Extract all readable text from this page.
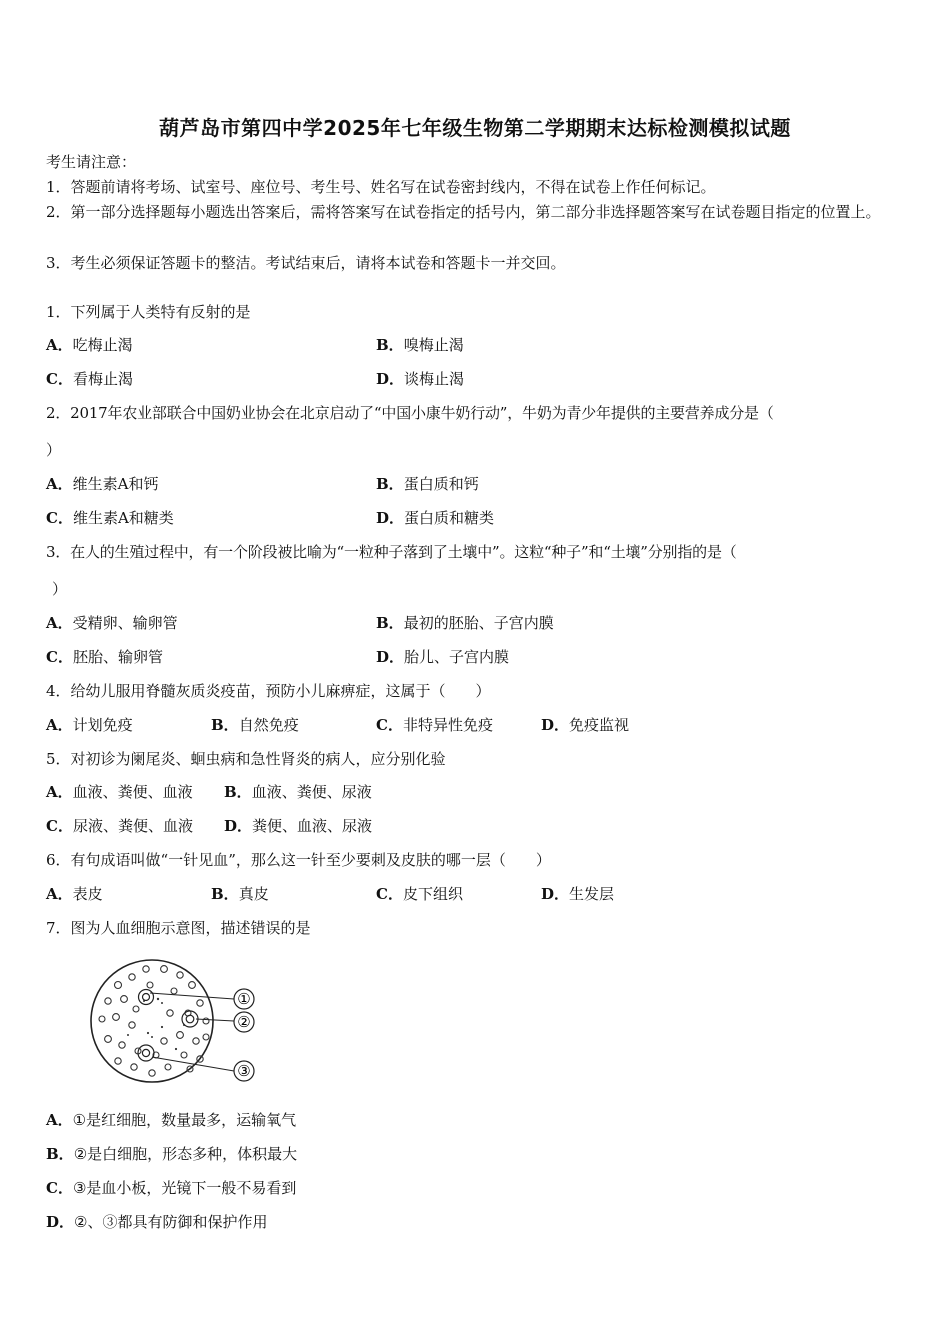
葫芦岛市第四中学2025年七年级生物第二学期期末达标检测模拟试题
考生请注意：
1．答题前请将考场、试室号、座位号、考生号、姓名写在试卷密封线内，不得在试卷上作任何标记。
2．第一部分选择题每小题选出答案后，需将答案写在试卷指定的括号内，第二部分非选择题答案写在试卷题目指定的位置上。
3．考生必须保证答题卡的整洁。考试结束后，请将本试卷和答题卡一并交回。
1．下列属于人类特有反射的是
A．吃梅止渴	B．嗅梅止渴
C．看梅止渴	D．谈梅止渴
2．2017年农业部联合中国奶业协会在北京启动了“中国小康牛奶行动”，牛奶为青少年提供的主要营养成分是（
）
A．维生素A和钙	B．蛋白质和钙
C．维生素A和糖类	D．蛋白质和糖类
3．在人的生殖过程中，有一个阶段被比喻为“一粒种子落到了土壤中”。这粒“种子”和“土壤”分别指的是（
）
A．受精卵、输卵管	B．最初的胚胎、子宫内膜
C．胚胎、输卵管	D．胎儿、子宫内膜
4．给幼儿服用脊髓灰质炎疫苗，预防小儿麻痹症，这属于（　　）
A．计划免疫	B．自然免疫	C．非特异性免疫	D．免疫监视
5．对初诊为阑尾炎、蛔虫病和急性肾炎的病人，应分别化验
A．血液、粪便、血液 B．血液、粪便、尿液
C．尿液、粪便、血液 D．粪便、血液、尿液
6．有句成语叫做“一针见血”，那么这一针至少要刺及皮肤的哪一层（　　）
A．表皮	B．真皮	C．皮下组织	D．生发层
7．图为人血细胞示意图，描述错误的是
①
②
③
A．①是红细胞，数量最多，运输氧气
B．②是白细胞，形态多种，体积最大
C．③是血小板，光镜下一般不易看到
D．②、③都具有防御和保护作用
